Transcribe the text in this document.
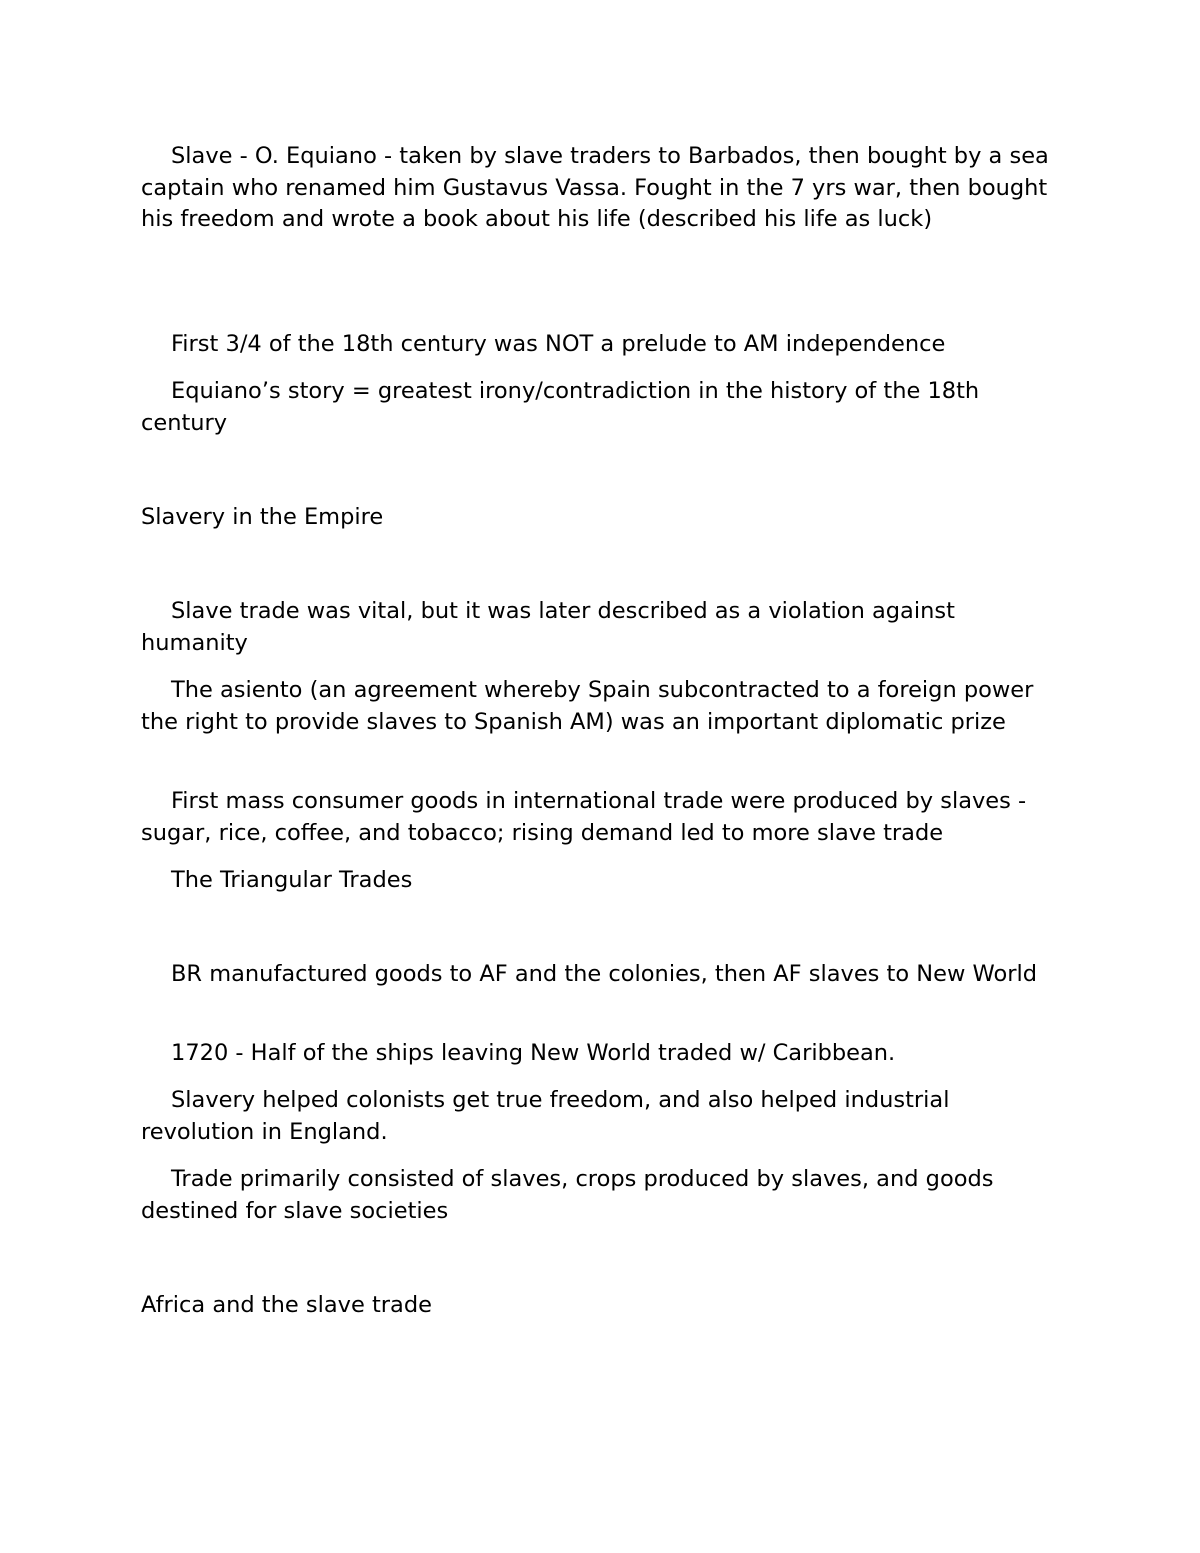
Slave - O. Equiano - taken by slave traders to Barbados, then bought by a sea captain who renamed him Gustavus Vassa. Fought in the 7 yrs war, then bought his freedom and wrote a book about his life (described his life as luck)

First 3/4 of the 18th century was NOT a prelude to AM independence

Equiano’s story = greatest irony/contradiction in the history of the 18th century

Slavery in the Empire

Slave trade was vital, but it was later described as a violation against humanity

The asiento (an agreement whereby Spain subcontracted to a foreign power the right to provide slaves to Spanish AM) was an important diplomatic prize

First mass consumer goods in international trade were produced by slaves - sugar, rice, coffee, and tobacco; rising demand led to more slave trade

The Triangular Trades

BR manufactured goods to AF and the colonies, then AF slaves to New World

1720 - Half of the ships leaving New World traded w/ Caribbean.

Slavery helped colonists get true freedom, and also helped industrial revolution in England.

Trade primarily consisted of slaves, crops produced by slaves, and goods destined for slave societies

Africa and the slave trade
